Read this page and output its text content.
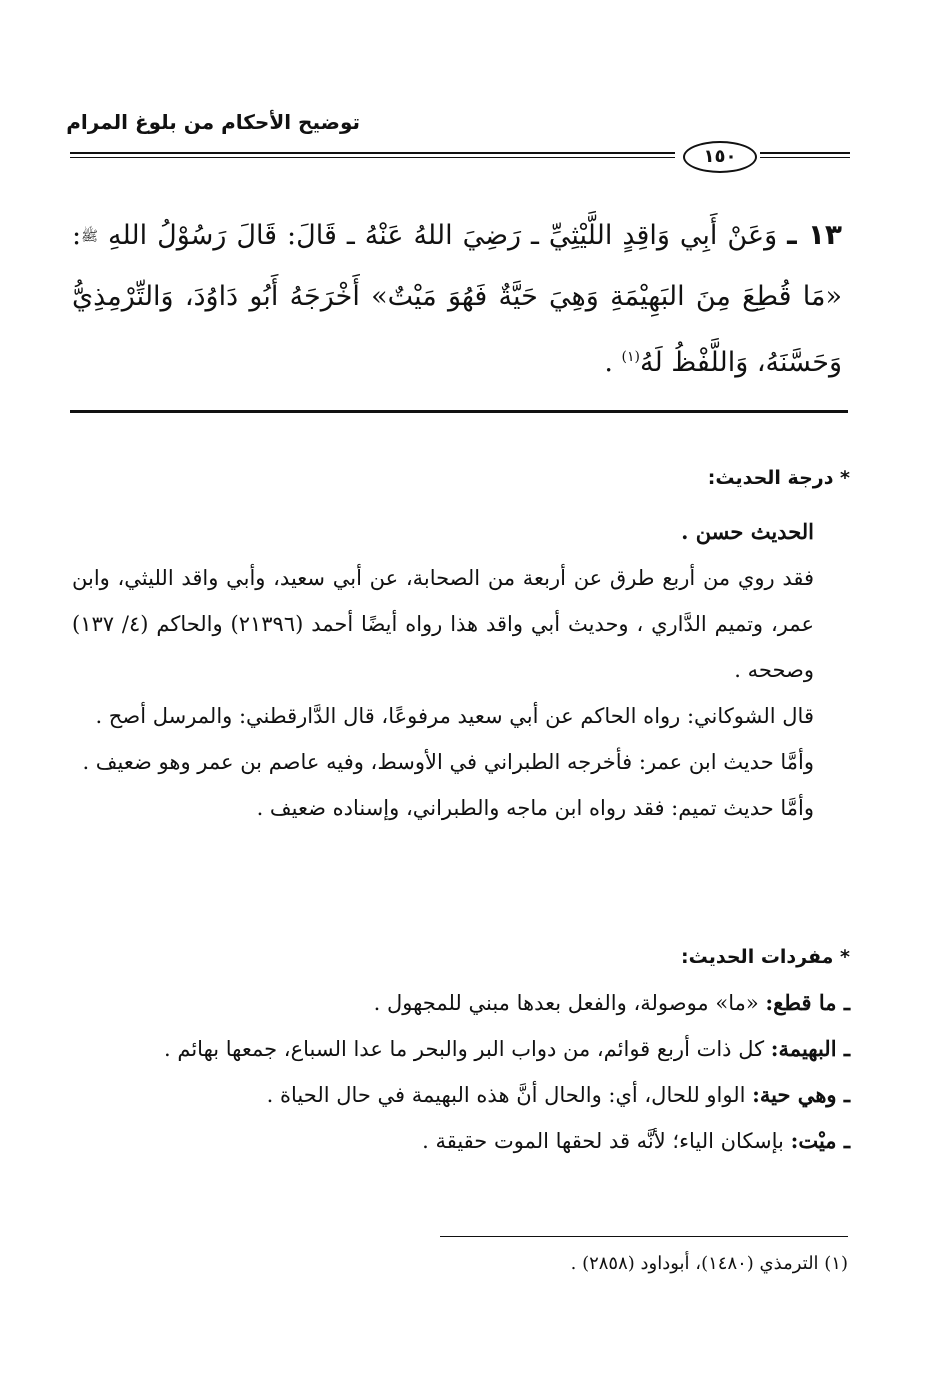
توضيح الأحكام من بلوغ المرام
١٥٠
١٣ ـ وَعَنْ أَبِي وَاقِدٍ اللَّيْثِيِّ ـ رَضِيَ اللهُ عَنْهُ ـ قَالَ: قَالَ رَسُوْلُ اللهِ ﷺ: «مَا قُطِعَ مِنَ البَهِيْمَةِ وَهِيَ حَيَّةٌ فَهُوَ مَيْتٌ» أَخْرَجَهُ أَبُو دَاوُدَ، وَالتِّرْمِذِيُّ وَحَسَّنَهُ، وَاللَّفْظُ لَهُ$^{(١)}$ .

* درجة الحديث:

الحديث حسن .

فقد روي من أربع طرق عن أربعة من الصحابة، عن أبي سعيد، وأبي واقد الليثي، وابن عمر، وتميم الدَّاري ، وحديث أبي واقد هذا رواه أيضًا أحمد (٢١٣٩٦) والحاكم (٤/ ١٣٧) وصححه .

قال الشوكاني: رواه الحاكم عن أبي سعيد مرفوعًا، قال الدَّارقطني: والمرسل أصح .

وأمَّا حديث ابن عمر: فأخرجه الطبراني في الأوسط، وفيه عاصم بن عمر وهو ضعيف .

وأمَّا حديث تميم: فقد رواه ابن ماجه والطبراني، وإسناده ضعيف .

* مفردات الحديث:

ـ ما قطع: «ما» موصولة، والفعل بعدها مبني للمجهول .

ـ البهيمة: كل ذات أربع قوائم، من دواب البر والبحر ما عدا السباع، جمعها بهائم .

ـ وهي حية: الواو للحال، أي: والحال أنَّ هذه البهيمة في حال الحياة .

ـ ميْت: بإسكان الياء؛ لأنَّه قد لحقها الموت حقيقة .

(١) الترمذي (١٤٨٠)، أبوداود (٢٨٥٨) .
